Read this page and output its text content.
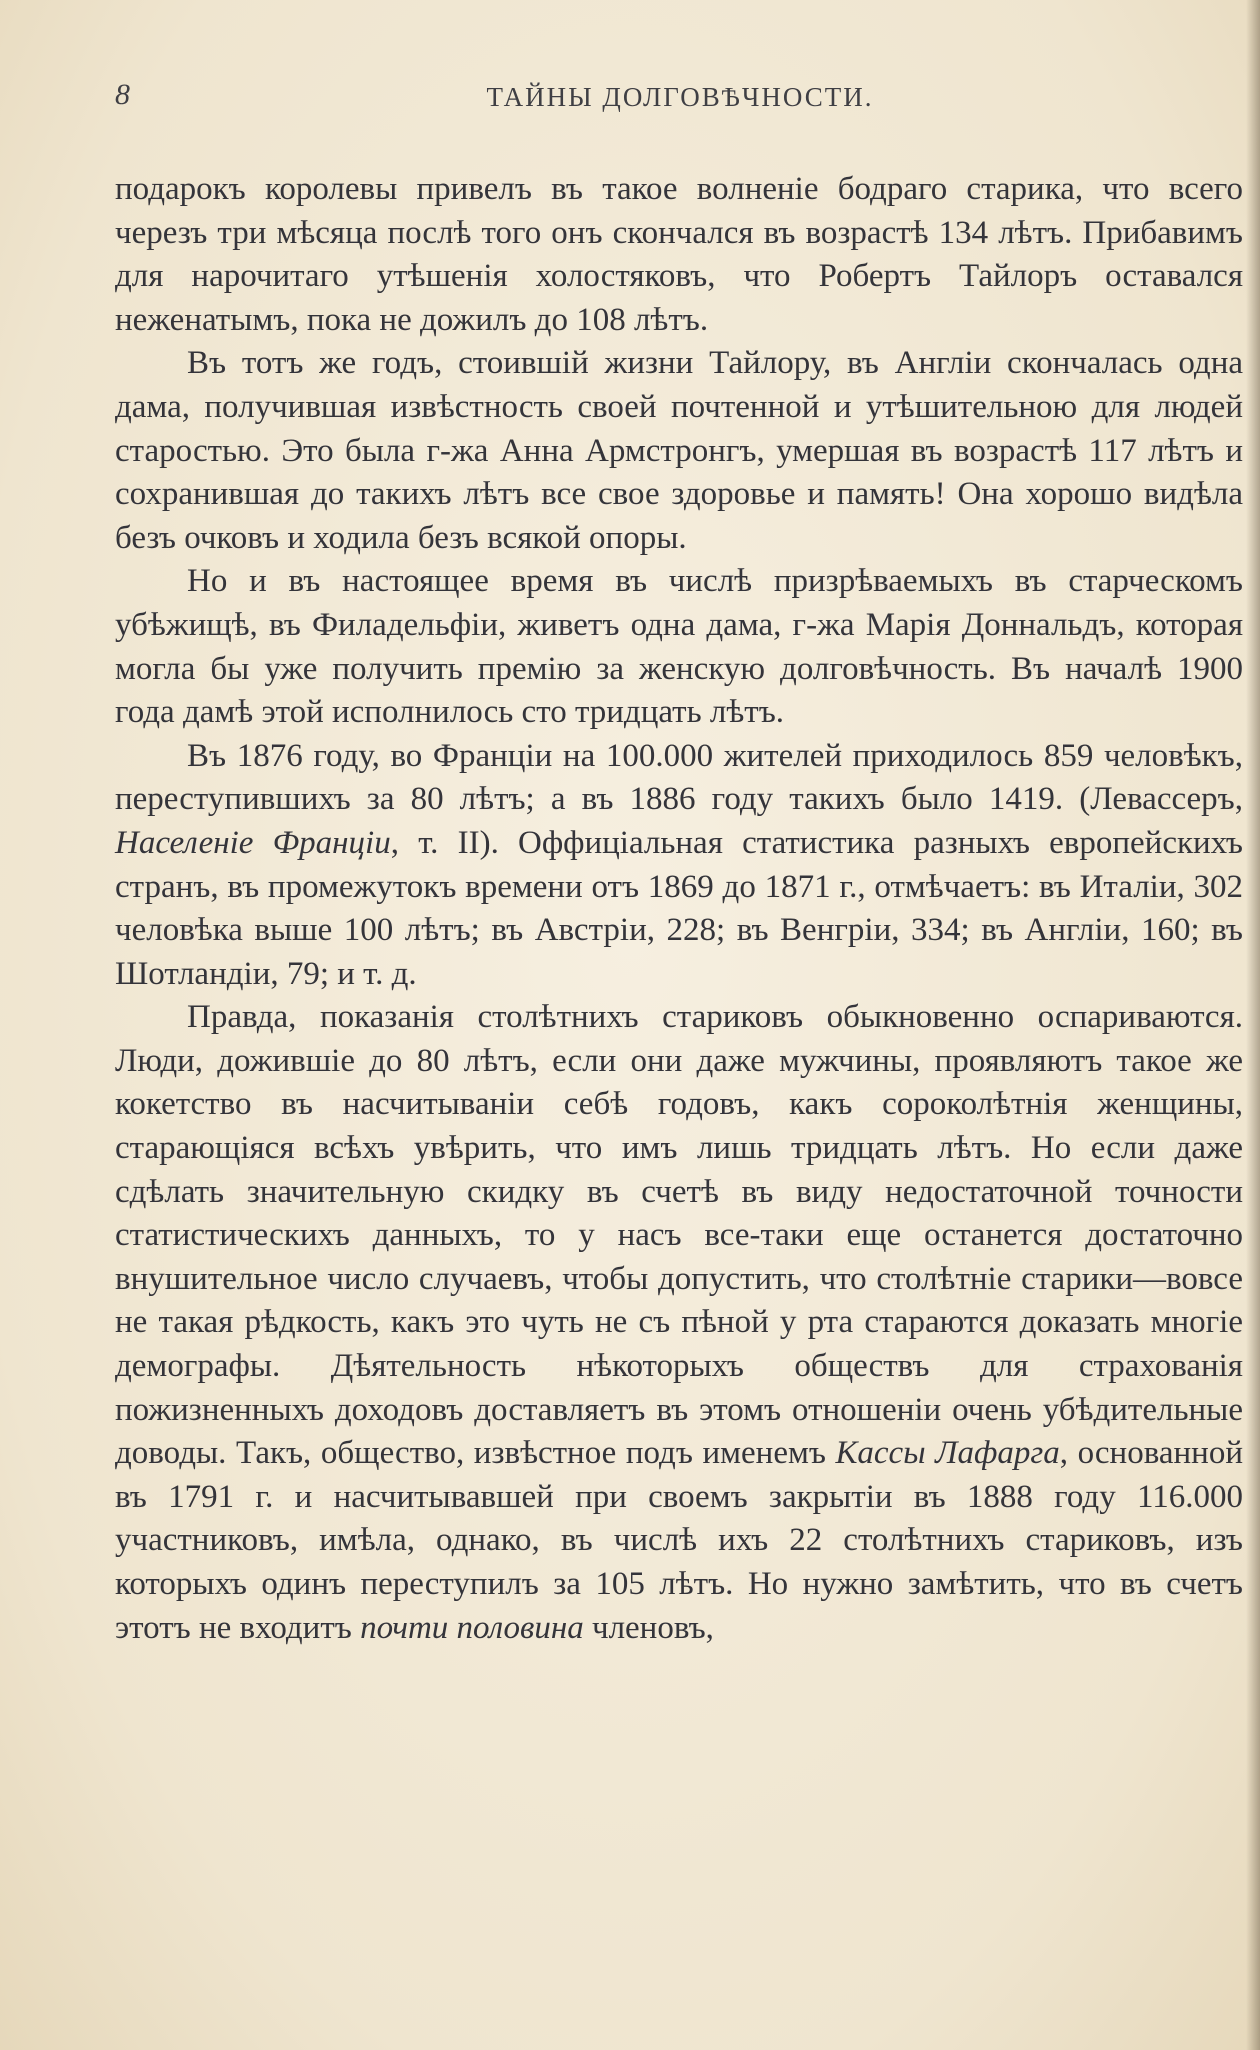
8	ТАЙНЫ ДОЛГОВѢЧНОСТИ.

подарокъ королевы привелъ въ такое волненіе бодраго старика, что всего черезъ три мѣсяца послѣ того онъ скончался въ возрастѣ 134 лѣтъ. Прибавимъ для нарочитаго утѣшенія холостяковъ, что Робертъ Тайлоръ оставался неженатымъ, пока не дожилъ до 108 лѣтъ.

Въ тотъ же годъ, стоившій жизни Тайлору, въ Англіи скончалась одна дама, получившая извѣстность своей почтенной и утѣшительною для людей старостью. Это была г-жа Анна Армстронгъ, умершая въ возрастѣ 117 лѣтъ и сохранившая до такихъ лѣтъ все свое здоровье и память! Она хорошо видѣла безъ очковъ и ходила безъ всякой опоры.

Но и въ настоящее время въ числѣ призрѣваемыхъ въ старческомъ убѣжищѣ, въ Филадельфіи, живетъ одна дама, г-жа Марія Доннальдъ, которая могла бы уже получить премію за женскую долговѣчность. Въ началѣ 1900 года дамѣ этой исполнилось сто тридцать лѣтъ.

Въ 1876 году, во Франціи на 100.000 жителей приходилось 859 человѣкъ, переступившихъ за 80 лѣтъ; а въ 1886 году такихъ было 1419. (Левассеръ, Населеніе Франціи, т. II). Оффиціальная статистика разныхъ европейскихъ странъ, въ промежутокъ времени отъ 1869 до 1871 г., отмѣчаетъ: въ Италіи, 302 человѣка выше 100 лѣтъ; въ Австріи, 228; въ Венгріи, 334; въ Англіи, 160; въ Шотландіи, 79; и т. д.

Правда, показанія столѣтнихъ стариковъ обыкновенно оспариваются. Люди, дожившіе до 80 лѣтъ, если они даже мужчины, проявляютъ такое же кокетство въ насчитываніи себѣ годовъ, какъ сороколѣтнія женщины, старающіяся всѣхъ увѣрить, что имъ лишь тридцать лѣтъ. Но если даже сдѣлать значительную скидку въ счетѣ въ виду недостаточной точности статистическихъ данныхъ, то у насъ все-таки еще останется достаточно внушительное число случаевъ, чтобы допустить, что столѣтніе старики—вовсе не такая рѣдкость, какъ это чуть не съ пѣной у рта стараются доказать многіе демографы. Дѣятельность нѣкоторыхъ обществъ для страхованія пожизненныхъ доходовъ доставляетъ въ этомъ отношеніи очень убѣдительные доводы. Такъ, общество, извѣстное подъ именемъ Кассы Лафарга, основанной въ 1791 г. и насчитывавшей при своемъ закрытіи въ 1888 году 116.000 участниковъ, имѣла, однако, въ числѣ ихъ 22 столѣтнихъ стариковъ, изъ которыхъ одинъ переступилъ за 105 лѣтъ. Но нужно замѣтить, что въ счетъ этотъ не входитъ почти половина членовъ,
